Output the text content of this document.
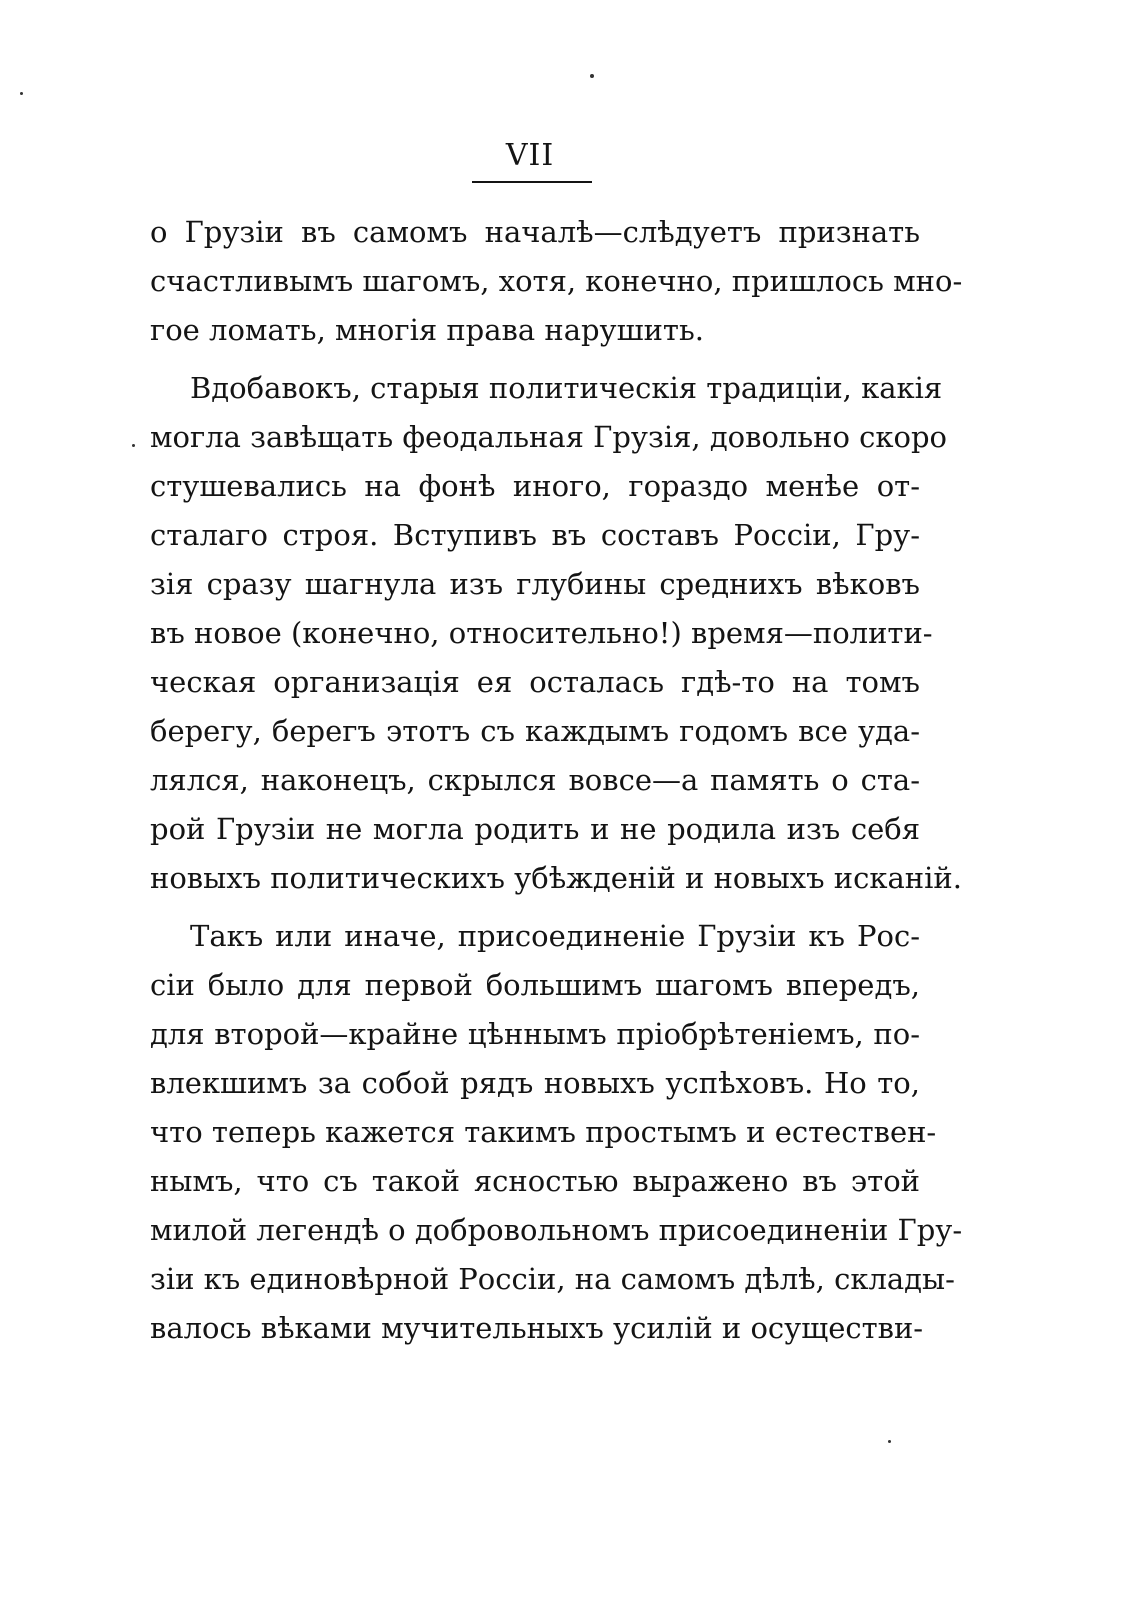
VII
о Грузіи въ самомъ началѣ—слѣдуетъ признать
счастливымъ шагомъ, хотя, конечно, пришлось мно-
гое ломать, многія права нарушить.
Вдобавокъ, старыя политическія традиціи, какія
могла завѣщать феодальная Грузія, довольно скоро
стушевались на фонѣ иного, гораздо менѣе от-
сталаго строя. Вступивъ въ составъ Россіи, Гру-
зія сразу шагнула изъ глубины среднихъ вѣковъ
въ новое (конечно, относительно!) время—полити-
ческая организація ея осталась гдѣ-то на томъ
берегу, берегъ этотъ съ каждымъ годомъ все уда-
лялся, наконецъ, скрылся вовсе—а память о ста-
рой Грузіи не могла родить и не родила изъ себя
новыхъ политическихъ убѣжденій и новыхъ исканій.
Такъ или иначе, присоединеніе Грузіи къ Рос-
сіи было для первой большимъ шагомъ впередъ,
для второй—крайне цѣннымъ пріобрѣтеніемъ, по-
влекшимъ за собой рядъ новыхъ успѣховъ. Но то,
что теперь кажется такимъ простымъ и естествен-
нымъ, что съ такой ясностью выражено въ этой
милой легендѣ о добровольномъ присоединеніи Гру-
зіи къ единовѣрной Россіи, на самомъ дѣлѣ, склады-
валось вѣками мучительныхъ усилій и осуществи-
